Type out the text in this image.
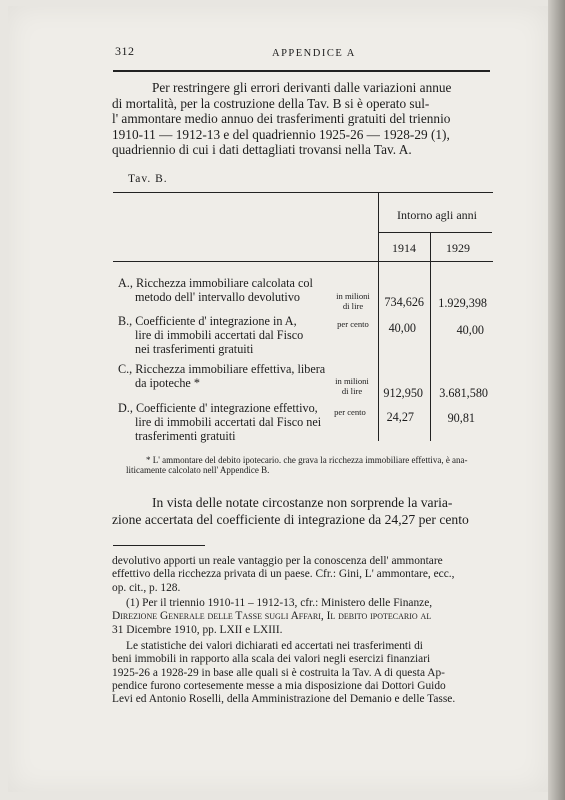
312	APPENDICE A
Per restringere gli errori derivanti dalle variazioni annue
di mortalità, per la costruzione della Tav. B si è operato sul-
l' ammontare medio annuo dei trasferimenti gratuiti del triennio
1910-11 — 1912-13 e del quadriennio 1925-26 — 1928-29 (1),
quadriennio di cui i dati dettagliati trovansi nella Tav. A.
Tav. B.
Intorno agli anni
1914	1929
A., Ricchezza immobiliare calcolata col
metodo dell' intervallo devolutivo	in milioni
di lire	734,626	1.929,398
B., Coefficiente d' integrazione in A,
lire di immobili accertati dal Fisco
nei trasferimenti gratuiti
per cento	40,00	40,00
C., Ricchezza immobiliare effettiva, libera
da ipoteche *	in milioni
di lire	912,950	3.681,580
D., Coefficiente d' integrazione effettivo,
lire di immobili accertati dal Fisco nei
trasferimenti gratuiti
per cento	24,27	90,81
* L' ammontare del debito ipotecario. che grava la ricchezza immobiliare effettiva, è ana-
liticamente calcolato nell' Appendice B.
In vista delle notate circostanze non sorprende la varia-
zione accertata del coefficiente di integrazione da 24,27 per cento
devolutivo apporti un reale vantaggio per la conoscenza dell' ammontare
effettivo della ricchezza privata di un paese. Cfr.: Gini, L' ammontare, ecc.,
op. cit., p. 128.
(1) Per il triennio 1910-11 – 1912-13, cfr.: Ministero delle Finanze,
Direzione Generale delle Tasse sugli Affari, Il debito ipotecario al
31 Dicembre 1910, pp. LXII e LXIII.
Le statistiche dei valori dichiarati ed accertati nei trasferimenti di
beni immobili in rapporto alla scala dei valori negli esercizi finanziari
1925-26 a 1928-29 in base alle quali si è costruita la Tav. A di questa Ap-
pendice furono cortesemente messe a mia disposizione dai Dottori Guido
Levi ed Antonio Roselli, della Amministrazione del Demanio e delle Tasse.
